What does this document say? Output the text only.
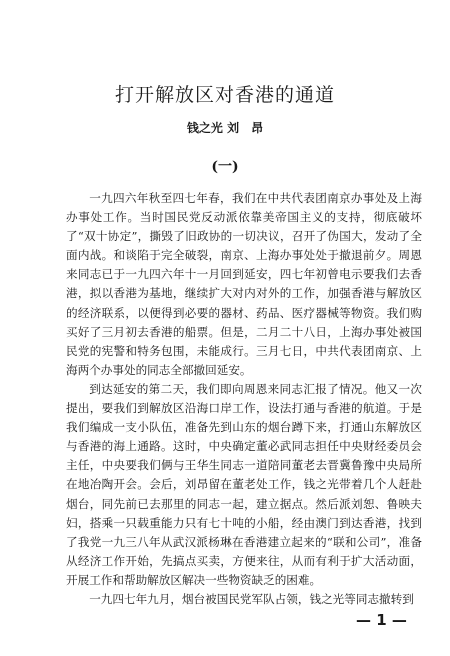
打开解放区对香港的通道
钱之光 刘　昂
(一)

一九四六年秋至四七年春，我们在中共代表团南京办事处及上海办事处工作。当时国民党反动派依靠美帝国主义的支持，彻底破坏了“双十协定”，撕毁了旧政协的一切决议，召开了伪国大，发动了全面内战。和谈陷于完全破裂，南京、上海办事处处于撤退前夕。周恩来同志已于一九四六年十一月回到延安，四七年初曾电示要我们去香港，拟以香港为基地，继续扩大对内对外的工作，加强香港与解放区的经济联系，以便得到必要的器材、药品、医疗器械等物资。我们购买好了三月初去香港的船票。但是，二月二十八日，上海办事处被国民党的宪警和特务包围，未能成行。三月七日，中共代表团南京、上海两个办事处的同志全部撤回延安。

到达延安的第二天，我们即向周恩来同志汇报了情况。他又一次提出，要我们到解放区沿海口岸工作，设法打通与香港的航道。于是我们编成一支小队伍，准备先到山东的烟台蹲下来，打通山东解放区与香港的海上通路。这时，中央确定董必武同志担任中央财经委员会主任，中央要我们俩与王华生同志一道陪同董老去晋冀鲁豫中央局所在地冶陶开会。会后，刘昂留在董老处工作，钱之光带着几个人赶赴烟台，同先前已去那里的同志一起，建立据点。然后派刘恕、鲁映夫妇，搭乘一只载重能力只有七十吨的小船，经由澳门到达香港，找到了我党一九三八年从武汉派杨琳在香港建立起来的“联和公司”，准备从经济工作开始，先搞点买卖，方便来往，从而有利于扩大活动面，开展工作和帮助解放区解决一些物资缺乏的困难。

一九四七年九月，烟台被国民党军队占领，钱之光等同志撤转到

— 1 —
